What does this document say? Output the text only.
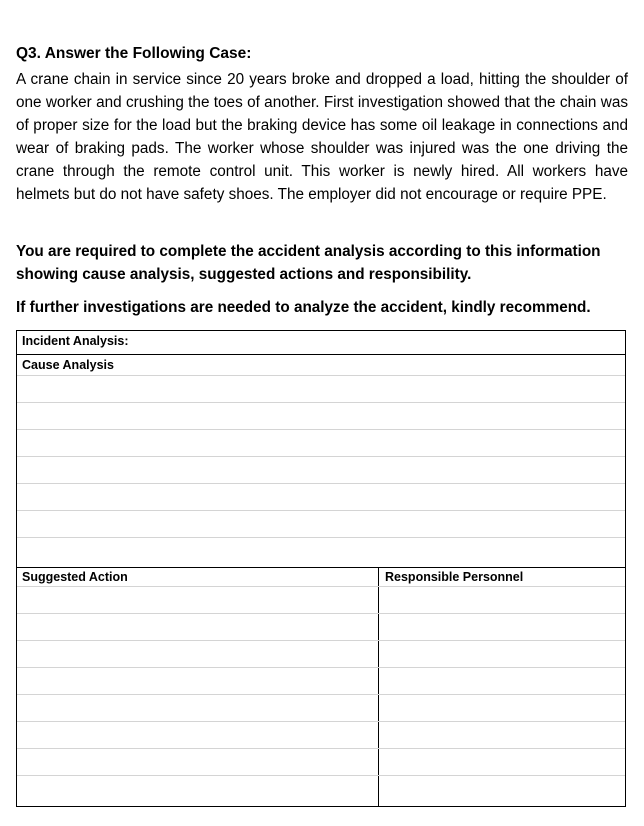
Q3. Answer the Following Case:

A crane chain in service since 20 years broke and dropped a load, hitting the shoulder of one worker and crushing the toes of another. First investigation showed that the chain was of proper size for the load but the braking device has some oil leakage in connections and wear of braking pads. The worker whose shoulder was injured was the one driving the crane through the remote control unit. This worker is newly hired. All workers have helmets but do not have safety shoes. The employer did not encourage or require PPE.

You are required to complete the accident analysis according to this information showing cause analysis, suggested actions and responsibility.

If further investigations are needed to analyze the accident, kindly recommend.

Incident Analysis:
Cause Analysis
Suggested Action	Responsible Personnel
